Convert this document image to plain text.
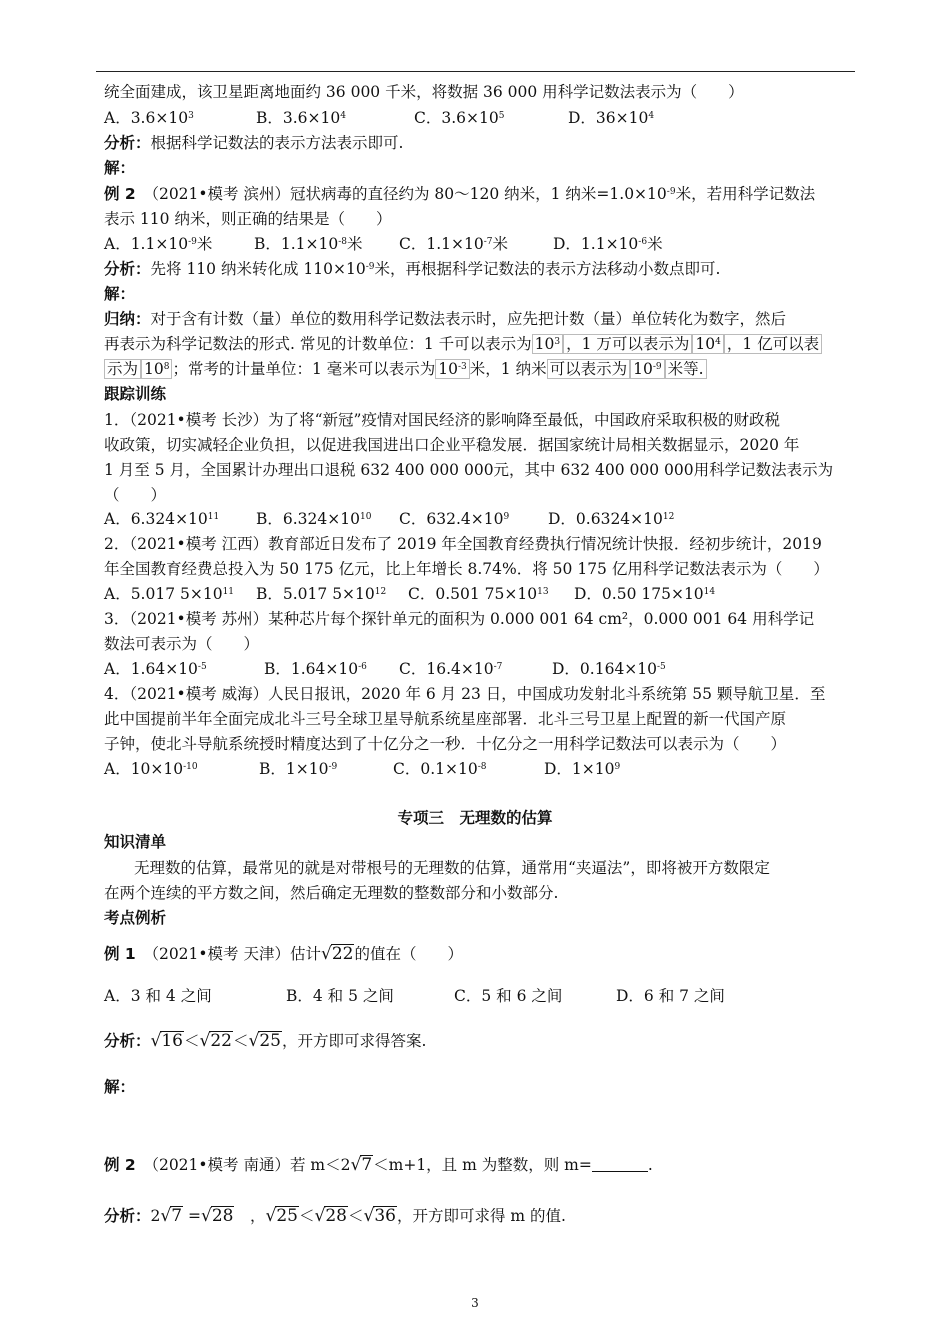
统全面建成，该卫星距离地面约 36 000 千米，将数据 36 000 用科学记数法表示为（　　）
A．$3.6\times 10^3$	B．$3.6\times 10^4$	C．$3.6\times 10^5$	D．$36\times 10^4$
分析：根据科学记数法的表示方法表示即可.
解：
例 2　 （2021•模考 滨州）冠状病毒的直径约为 80～120 纳米，1 纳米$=1.0\times 10^{-9}$米，若用科学记数法
表示 110 纳米，则正确的结果是（　　）
A．$1.1\times 10^{-9}$米	B．$1.1\times 10^{-8}$米 C．$1.1\times 10^{-7}$米	D．$1.1\times 10^{-6}$米
分析：先将 110 纳米转化成 $110\times 10^{-9}$米，再根据科学记数法的表示方法移动小数点即可.
解：
归纳：对于含有计数（量）单位的数用科学记数法表示时，应先把计数（量）单位转化为数字，然后
再表示为科学记数法的形式. 常见的计数单位：1 千可以表示为 $10^3$ ，1 万可以表示为 $10^4$ ，1 亿可以表
示为 $10^8$ ；常考的计量单位：1 毫米可以表示为 $10^{-3}$ 米，1 纳米 可以表示为 $10^{-9}$ 米等.
跟踪训练
1．（2021•模考 长沙）为了将“新冠”疫情对国民经济的影响降至最低，中国政府采取积极的财政税
收政策，切实减轻企业负担，以促进我国进出口企业平稳发展．据国家统计局相关数据显示，2020 年
1 月至 5 月，全国累计办理出口退税 632 400 000 000元，其中 632 400 000 000用科学记数法表示为
（　　）
A．$6.324\times 10^{11}$ B．$6.324\times 10^{10}$ C．$632.4\times 10^9$	D．$0.6324\times 10^{12}$
2．（2021•模考 江西）教育部近日发布了 2019 年全国教育经费执行情况统计快报．经初步统计，2019
年全国教育经费总投入为 50 175 亿元，比上年增长 8.74%．将 50 175 亿用科学记数法表示为（　　）
A．5.017 $5\times 10^{11}$ B．5.017 $5\times 10^{12}$ C．0.501 $75\times 10^{13}$ D．0.50 $175\times 10^{14}$
3．（2021•模考 苏州）某种芯片每个探针单元的面积为 0.000 001 64 cm²，0.000 001 64 用科学记
数法可表示为（　　）
A．$1.64\times 10^{-5}$	B．$1.64\times 10^{-6}$ C．$16.4\times 10^{-7}$	D．$0.164\times 10^{-5}$
4．（2021•模考 威海）人民日报讯，2020 年 6 月 23 日，中国成功发射北斗系统第 55 颗导航卫星．至
此中国提前半年全面完成北斗三号全球卫星导航系统星座部署．北斗三号卫星上配置的新一代国产原
子钟，使北斗导航系统授时精度达到了十亿分之一秒．十亿分之一用科学记数法可以表示为（　　）
A．$10\times 10^{-10}$	B．$1\times 10^{-9}$	C．$0.1\times 10^{-8}$	D．$1\times 10^9$
专项三　无理数的估算
知识清单
无理数的估算，最常见的就是对带根号的无理数的估算，通常用“夹逼法”，即将被开方数限定
在两个连续的平方数之间，然后确定无理数的整数部分和小数部分.
考点例析
例 1　 （2021•模考 天津）估计√22的值在（　　）
A．3 和 4 之间	B．4 和 5 之间	C．5 和 6 之间	D．6 和 7 之间
分析：√16＜√22＜√25，开方即可求得答案.
解：
例 2　 （2021•模考 南通）若 m＜2√7＜m+1，且 m 为整数，则 m=	.
分析：2√7 =√28　 ，√25＜√28＜√36，开方即可求得 m 的值.
3
